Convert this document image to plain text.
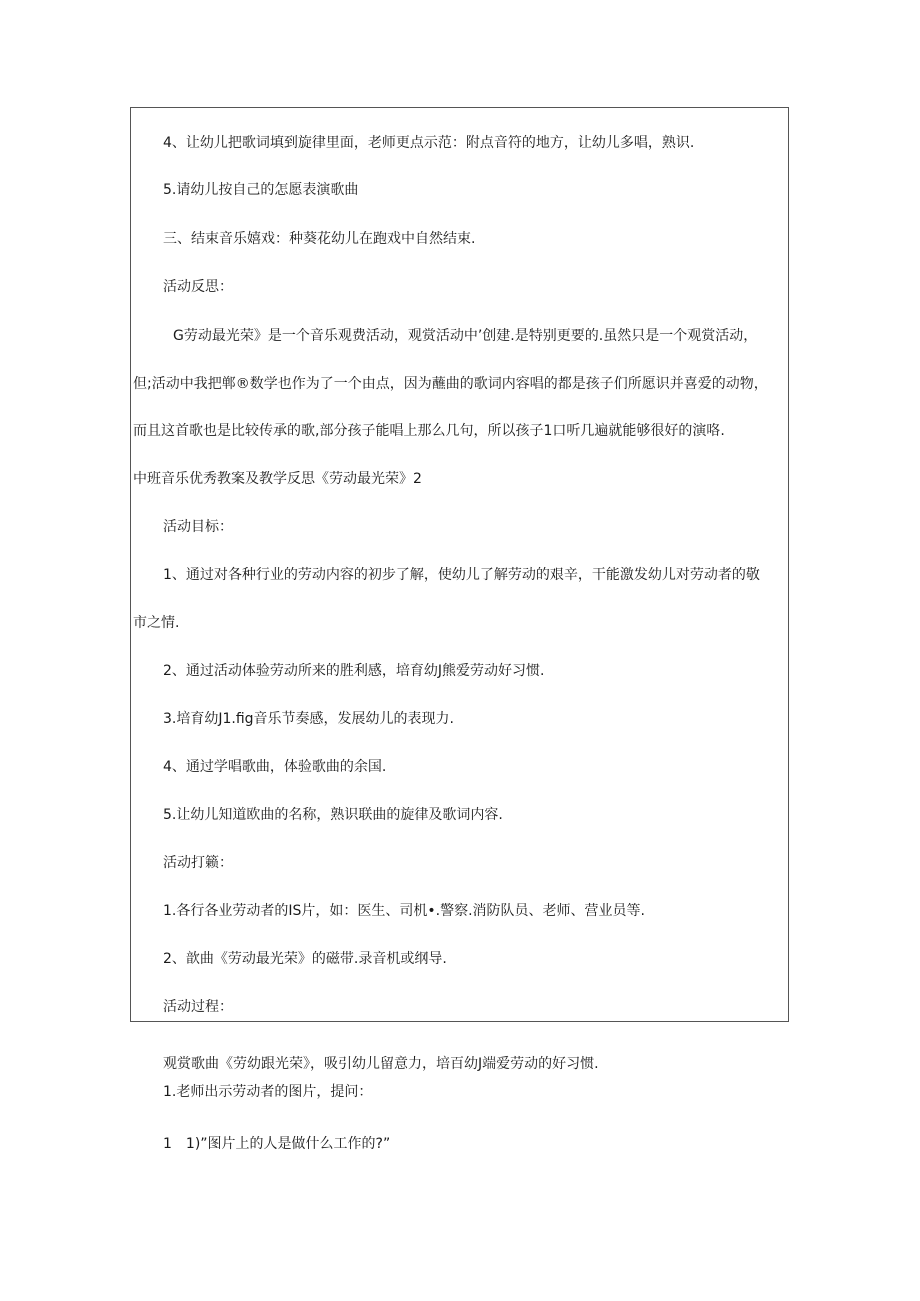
4、让幼儿把歌词填到旋律里面，老师更点示范：附点音符的地方，让幼儿多唱，熟识.
5.请幼儿按自己的怎愿表演歌曲
三、结束音乐嬉戏：种葵花幼儿在跑戏中自然结束.
活动反思：
G劳动最光荣》是一个音乐观费活动，观赏活动中’创建.是特别更要的.虽然只是一个观赏活动，
但;活动中我把郸®数学也作为了一个由点，因为蘸曲的歌词内容唱的都是孩子们所愿识并喜爱的动物，
而且这首歌也是比较传承的歌,部分孩子能唱上那么几句，所以孩子1口听几遍就能够很好的演咯.
中班音乐优秀教案及教学反思《劳动最光荣》2
活动目标：
1、通过对各种行业的劳动内容的初步了解，使幼儿了解劳动的艰辛，干能激发幼儿对劳动者的敬
市之情.
2、通过活动体验劳动所来的胜利感，培育幼J熊爱劳动好习惯.
3.培育幼J1.fig音乐节奏感，发展幼儿的表现力.
4、通过学唱歌曲，体验歌曲的余国.
5.让幼儿知道欧曲的名称，熟识联曲的旋律及歌词内容.
活动打籁：
1.各行各业劳动者的IS片，如：医生、司机•.警察.消防队员、老师、营业员等.
2、歆曲《劳动最光荣》的磁带.录音机或纲导.
活动过程：
观赏歌曲《劳幼跟光荣》，吸引幼儿留意力，培百幼J端爱劳动的好习惯.
1.老师出示劳动者的图片，提问：
1　1)”图片上的人是做什么工作的?”
